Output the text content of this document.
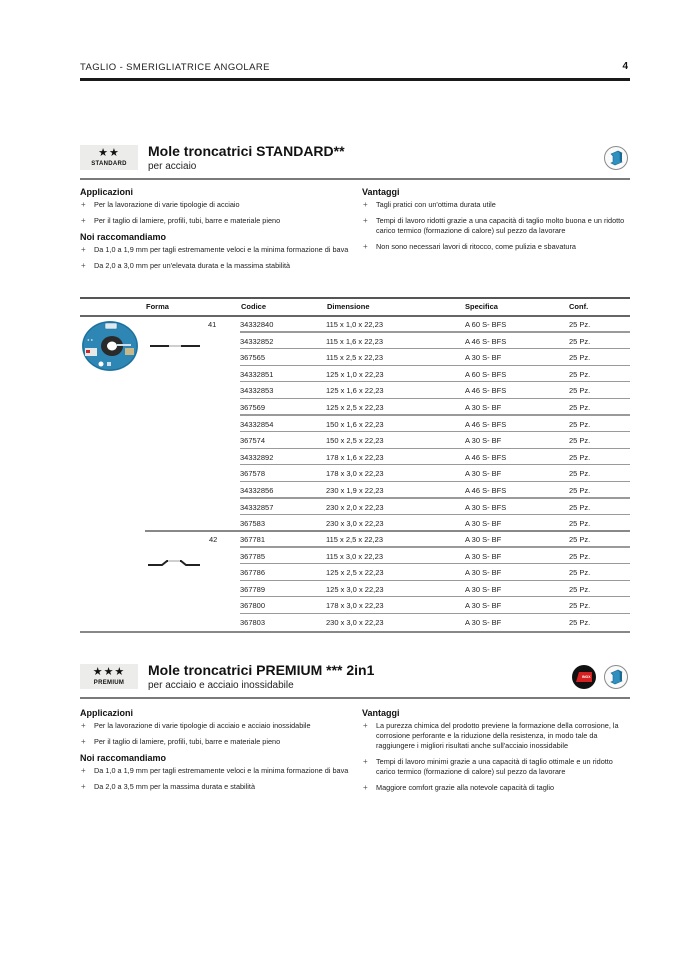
TAGLIO - SMERIGLIATRICE ANGOLARE	4
★★
STANDARD
Mole troncatrici STANDARD**
per acciaio
Applicazioni
+ Per la lavorazione di varie tipologie di acciaio
+ Per il taglio di lamiere, profili, tubi, barre e materiale pieno
Noi raccomandiamo
+ Da 1,0 a 1,9 mm per tagli estremamente veloci e la minima formazione di bava
+ Da 2,0 a 3,0 mm per un'elevata durata e la massima stabilità
Vantaggi
+ Tagli pratici con un'ottima durata utile
+ Tempi di lavoro ridotti grazie a una capacità di taglio molto buona e un ridotto carico termico (formazione di calore) sul pezzo da lavorare
+ Non sono necessari lavori di ritocco, come pulizia e sbavatura
Forma	Codice	Dimensione	Specifica	Conf.
★ ★
41
42
34332840	115 x 1,0 x 22,23	A 60 S- BFS	25 Pz.
34332852	115 x 1,6 x 22,23	A 46 S- BFS	25 Pz.
367565	115 x 2,5 x 22,23	A 30 S- BF	25 Pz.
34332851	125 x 1,0 x 22,23	A 60 S- BFS	25 Pz.
34332853	125 x 1,6 x 22,23	A 46 S- BFS	25 Pz.
367569	125 x 2,5 x 22,23	A 30 S- BF	25 Pz.
34332854	150 x 1,6 x 22,23	A 46 S- BFS	25 Pz.
367574	150 x 2,5 x 22,23	A 30 S- BF	25 Pz.
34332892	178 x 1,6 x 22,23	A 46 S- BFS	25 Pz.
367578	178 x 3,0 x 22,23	A 30 S- BF	25 Pz.
34332856	230 x 1,9 x 22,23	A 46 S- BFS	25 Pz.
34332857	230 x 2,0 x 22,23	A 30 S- BFS	25 Pz.
367583	230 x 3,0 x 22,23	A 30 S- BF	25 Pz.
367781	115 x 2,5 x 22,23	A 30 S- BF	25 Pz.
367785	115 x 3,0 x 22,23	A 30 S- BF	25 Pz.
367786	125 x 2,5 x 22,23	A 30 S- BF	25 Pz.
367789	125 x 3,0 x 22,23	A 30 S- BF	25 Pz.
367800	178 x 3,0 x 22,23	A 30 S- BF	25 Pz.
367803	230 x 3,0 x 22,23	A 30 S- BF	25 Pz.
★★★
PREMIUM
Mole troncatrici PREMIUM *** 2in1
per acciaio e acciaio inossidabile
INOX
Applicazioni
+ Per la lavorazione di varie tipologie di acciaio e acciaio inossidabile
+ Per il taglio di lamiere, profili, tubi, barre e materiale pieno
Noi raccomandiamo
+ Da 1,0 a 1,9 mm per tagli estremamente veloci e la minima formazione di bava
+ Da 2,0 a 3,5 mm per la massima durata e stabilità
Vantaggi
+ La purezza chimica del prodotto previene la formazione della corrosione, la corrosione perforante e la riduzione della resistenza, in modo tale da raggiungere i migliori risultati anche sull'acciaio inossidabile
+ Tempi di lavoro minimi grazie a una capacità di taglio ottimale e un ridotto carico termico (formazione di calore) sul pezzo da lavorare
+ Maggiore comfort grazie alla notevole capacità di taglio
